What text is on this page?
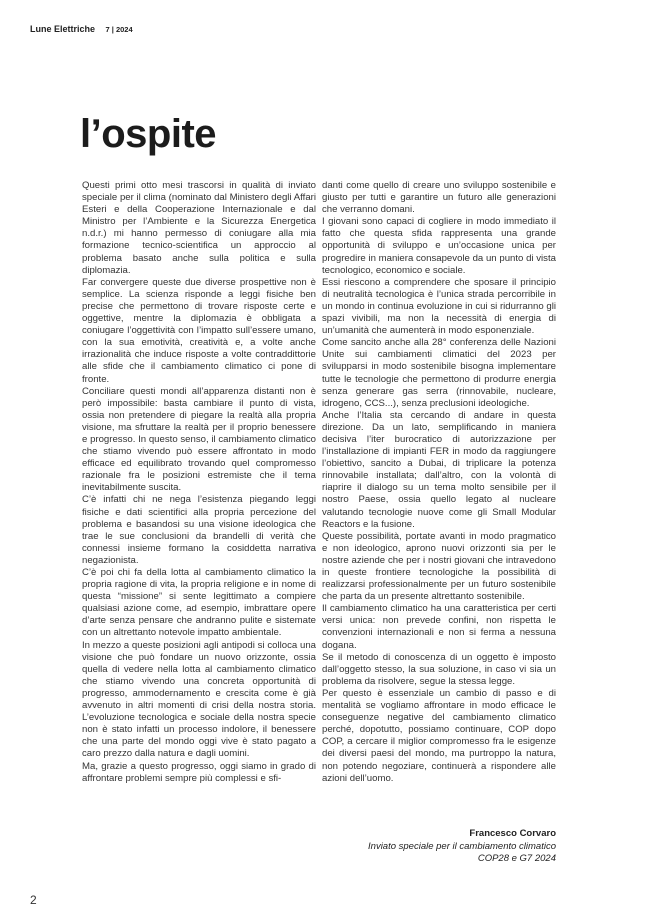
Lune Elettriche 7 | 2024
l’ospite

Questi primi otto mesi trascorsi in qualità di inviato speciale per il clima (nominato dal Ministero degli Affari Esteri e della Cooperazione Internazionale e dal Ministro per l’Ambiente e la Sicurezza Energetica n.d.r.) mi hanno permesso di coniugare alla mia formazione tecnico-scientifica un approccio al problema basato anche sulla politica e sulla diplomazia.

Far convergere queste due diverse prospettive non è semplice. La scienza risponde a leggi fisiche ben precise che permettono di trovare risposte certe e oggettive, mentre la diplomazia è obbligata a coniugare l’oggettività con l’impatto sull’essere umano, con la sua emotività, creatività e, a volte anche irrazionalità che induce risposte a volte contraddittorie alle sfide che il cambiamento climatico ci pone di fronte.

Conciliare questi mondi all’apparenza distanti non è però impossibile: basta cambiare il punto di vista, ossia non pretendere di piegare la realtà alla propria visione, ma sfruttare la realtà per il proprio benessere e progresso. In questo senso, il cambiamento climatico che stiamo vivendo può essere affrontato in modo efficace ed equilibrato trovando quel compromesso razionale fra le posizioni estremiste che il tema inevitabilmente suscita.

C’è infatti chi ne nega l’esistenza piegando leggi fisiche e dati scientifici alla propria percezione del problema e basandosi su una visione ideologica che trae le sue conclusioni da brandelli di verità che connessi insieme formano la cosiddetta narrativa negazionista.

C’è poi chi fa della lotta al cambiamento climatico la propria ragione di vita, la propria religione e in nome di questa “missione” si sente legittimato a compiere qualsiasi azione come, ad esempio, imbrattare opere d’arte senza pensare che andranno pulite e sistemate con un altrettanto notevole impatto ambientale.

In mezzo a queste posizioni agli antipodi si colloca una visione che può fondare un nuovo orizzonte, ossia quella di vedere nella lotta al cambiamento climatico che stiamo vivendo una concreta opportunità di progresso, ammodernamento e crescita come è già avvenuto in altri momenti di crisi della nostra storia. L’evoluzione tecnologica e sociale della nostra specie non è stato infatti un processo indolore, il benessere che una parte del mondo oggi vive è stato pagato a caro prezzo dalla natura e dagli uomini.

Ma, grazie a questo progresso, oggi siamo in grado di affrontare problemi sempre più complessi e sfi-

danti come quello di creare uno sviluppo sostenibile e giusto per tutti e garantire un futuro alle generazioni che verranno domani.

I giovani sono capaci di cogliere in modo immediato il fatto che questa sfida rappresenta una grande opportunità di sviluppo e un’occasione unica per progredire in maniera consapevole da un punto di vista tecnologico, economico e sociale.

Essi riescono a comprendere che sposare il principio di neutralità tecnologica è l’unica strada percorribile in un mondo in continua evoluzione in cui si ridurranno gli spazi vivibili, ma non la necessità di energia di un’umanità che aumenterà in modo esponenziale.

Come sancito anche alla 28° conferenza delle Nazioni Unite sui cambiamenti climatici del 2023 per svilupparsi in modo sostenibile bisogna implementare tutte le tecnologie che permettono di produrre energia senza generare gas serra (rinnovabile, nucleare, idrogeno, CCS...), senza preclusioni ideologiche.

Anche l’Italia sta cercando di andare in questa direzione. Da un lato, semplificando in maniera decisiva l’iter burocratico di autorizzazione per l’installazione di impianti FER in modo da raggiungere l’obiettivo, sancito a Dubai, di triplicare la potenza rinnovabile installata; dall’altro, con la volontà di riaprire il dialogo su un tema molto sensibile per il nostro Paese, ossia quello legato al nucleare valutando tecnologie nuove come gli Small Modular Reactors e la fusione.

Queste possibilità, portate avanti in modo pragmatico e non ideologico, aprono nuovi orizzonti sia per le nostre aziende che per i nostri giovani che intravedono in queste frontiere tecnologiche la possibilità di realizzarsi professionalmente per un futuro sostenibile che parta da un presente altrettanto sostenibile.

Il cambiamento climatico ha una caratteristica per certi versi unica: non prevede confini, non rispetta le convenzioni internazionali e non si ferma a nessuna dogana.

Se il metodo di conoscenza di un oggetto è imposto dall’oggetto stesso, la sua soluzione, in caso vi sia un problema da risolvere, segue la stessa legge.

Per questo è essenziale un cambio di passo e di mentalità se vogliamo affrontare in modo efficace le conseguenze negative del cambiamento climatico perché, dopotutto, possiamo continuare, COP dopo COP, a cercare il miglior compromesso fra le esigenze dei diversi paesi del mondo, ma purtroppo la natura, non potendo negoziare, continuerà a rispondere alle azioni dell’uomo.

Francesco Corvaro
Inviato speciale per il cambiamento climatico
COP28 e G7 2024
2
